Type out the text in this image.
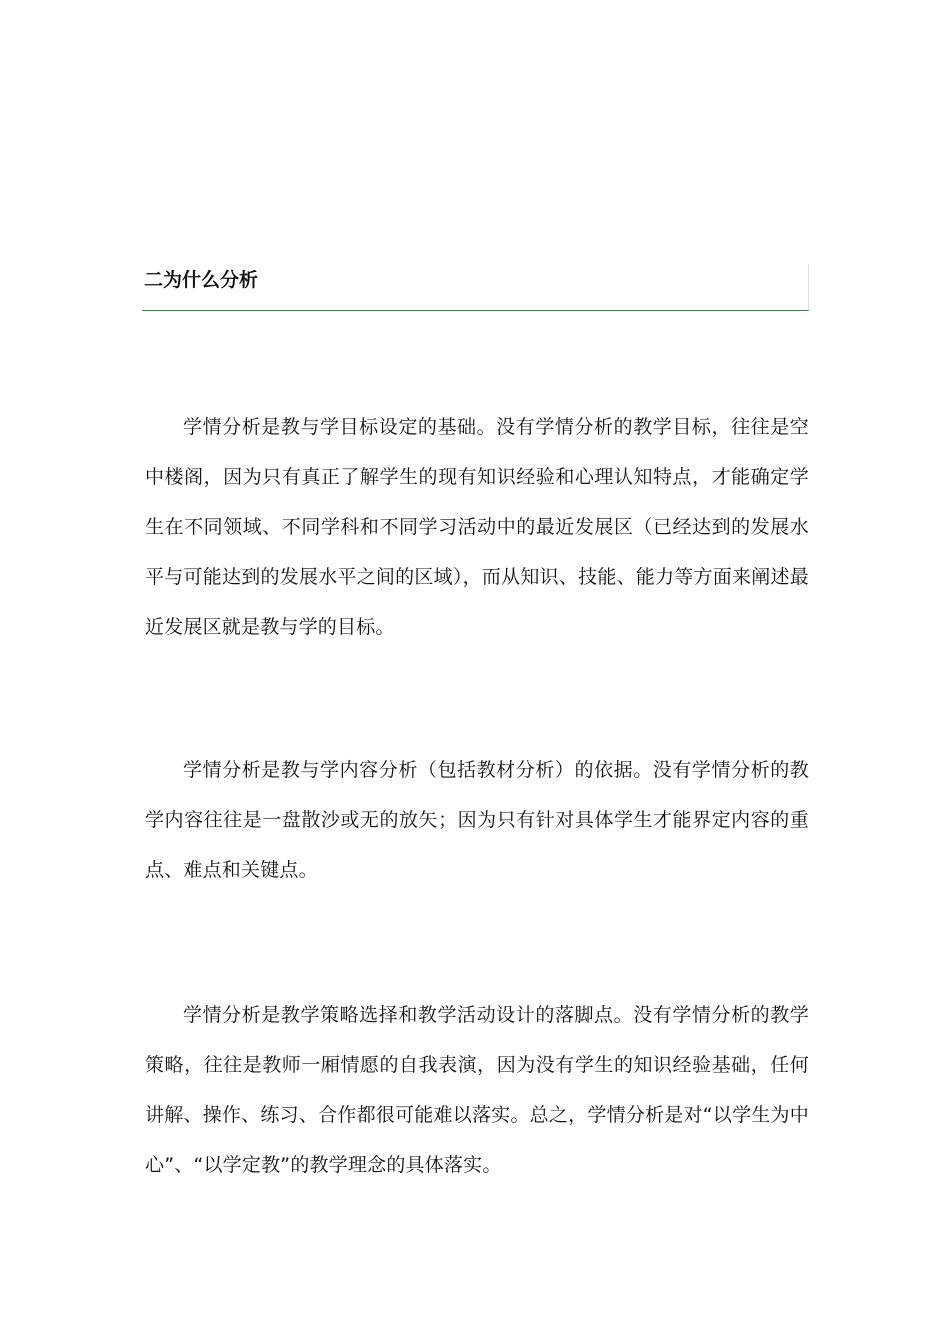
二为什么分析

学情分析是教与学目标设定的基础。没有学情分析的教学目标，往往是空中楼阁，因为只有真正了解学生的现有知识经验和心理认知特点，才能确定学生在不同领域、不同学科和不同学习活动中的最近发展区（已经达到的发展水平与可能达到的发展水平之间的区域），而从知识、技能、能力等方面来阐述最近发展区就是教与学的目标。

学情分析是教与学内容分析（包括教材分析）的依据。没有学情分析的教学内容往往是一盘散沙或无的放矢；因为只有针对具体学生才能界定内容的重点、难点和关键点。

学情分析是教学策略选择和教学活动设计的落脚点。没有学情分析的教学策略，往往是教师一厢情愿的自我表演，因为没有学生的知识经验基础，任何讲解、操作、练习、合作都很可能难以落实。总之，学情分析是对“以学生为中心”、“以学定教”的教学理念的具体落实。
